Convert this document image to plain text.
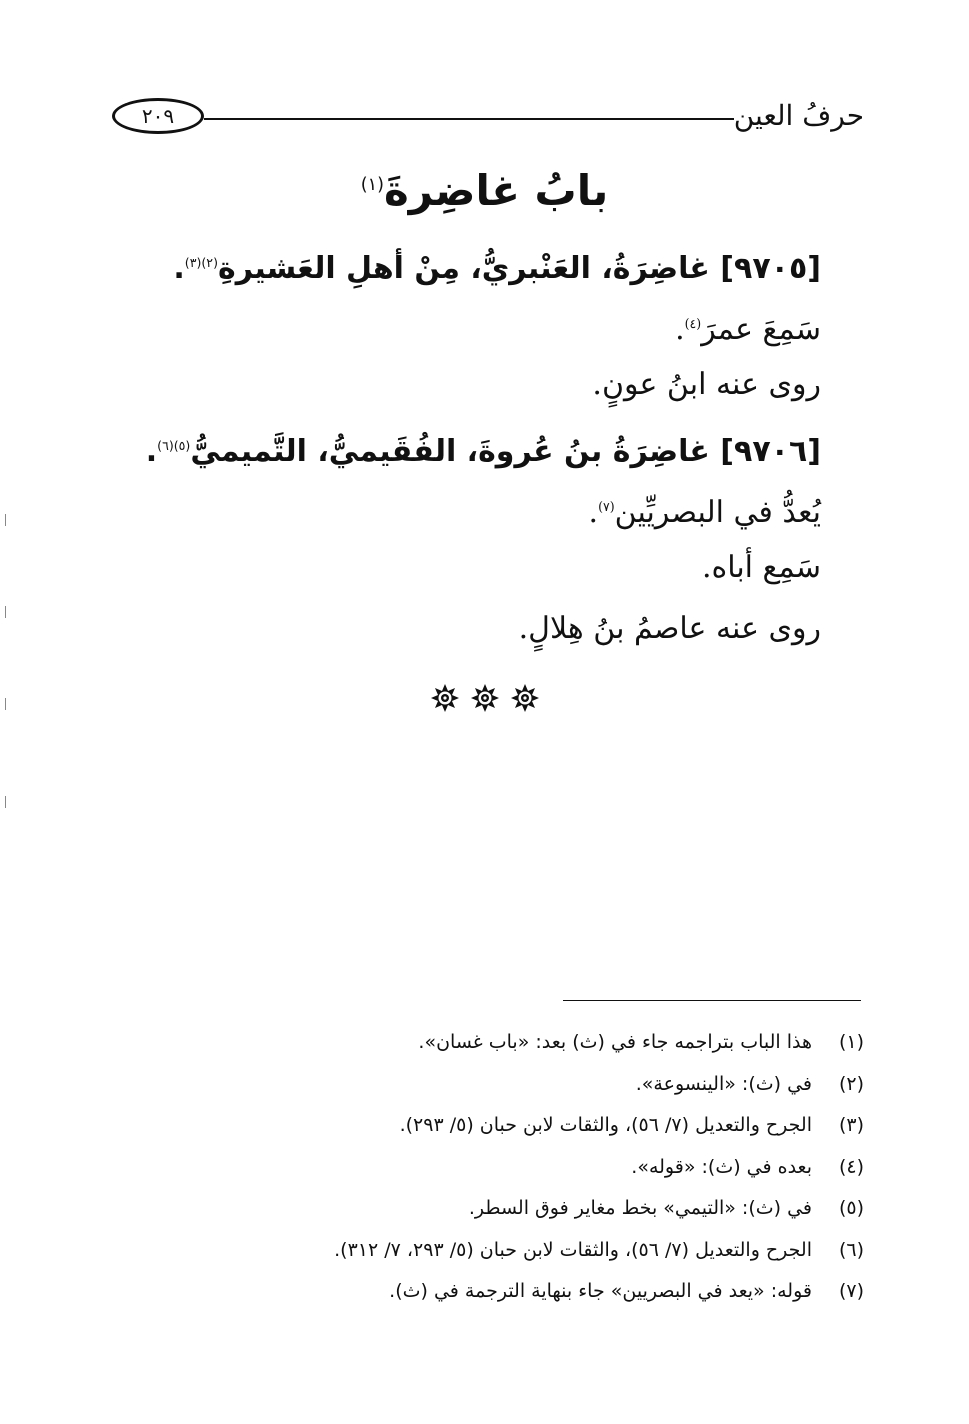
٢٠٩	حرفُ العين
بابُ غاضِرةَ$^{(١)}$
[٩٧٠٥] غاضِرَةُ، العَنْبريُّ، مِنْ أهلِ العَشيرةِ$^{(٢)(٣)}$.
سَمِعَ عمرَ$^{(٤)}$.
روى عنه ابنُ عونٍ.
[٩٧٠٦] غاضِرَةُ بنُ عُروةَ، الفُقَيميُّ، التَّميميُّ$^{(٥)(٦)}$.
يُعدُّ في البصريِّين$^{(٧)}$.
سَمِع أباه.
روى عنه عاصمُ بنُ هِلالٍ.
(١)
هذا الباب بتراجمه جاء في (ث) بعد: «باب غسان».
(٢)
في (ث): «الينسوعة».
(٣)
الجرح والتعديل (٧/ ٥٦)، والثقات لابن حبان (٥/ ٢٩٣).
(٤)
بعده في (ث): «قوله».
(٥)
في (ث): «التيمي» بخط مغاير فوق السطر.
(٦)
الجرح والتعديل (٧/ ٥٦)، والثقات لابن حبان (٥/ ٢٩٣، ٧/ ٣١٢).
(٧)
قوله: «يعد في البصريين» جاء بنهاية الترجمة في (ث).
